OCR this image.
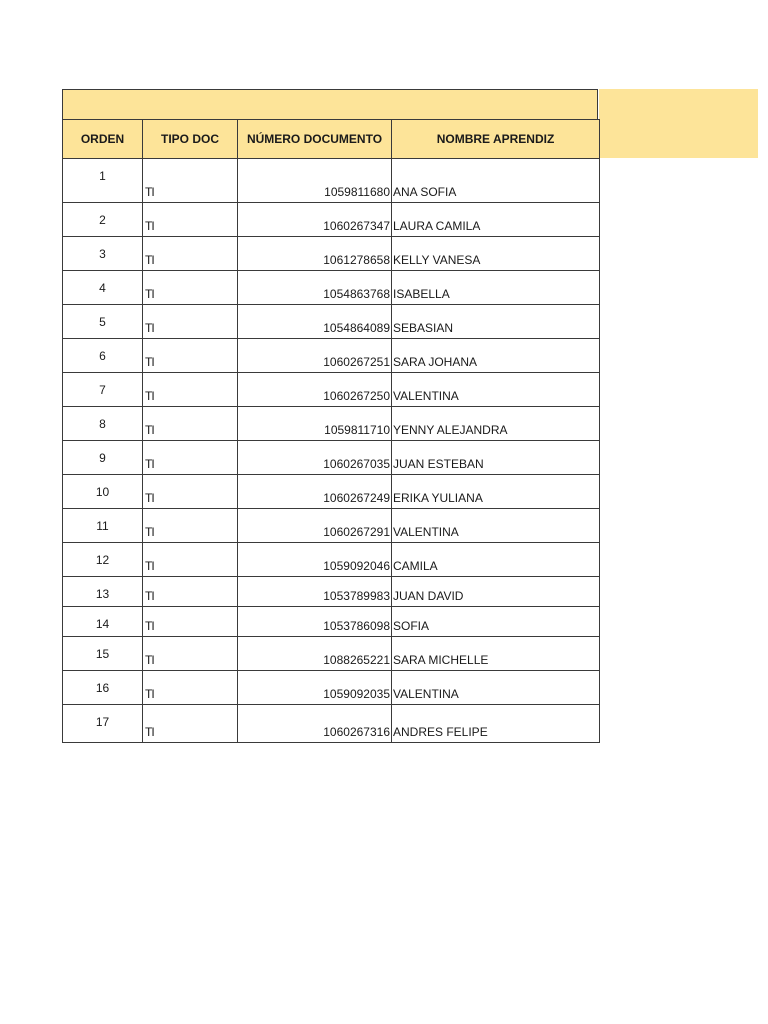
ORDEN	TIPO DOC	NÚMERO DOCUMENTO	NOMBRE APRENDIZ

1	TI	1059811680	ANA SOFIA

2	TI	1060267347	LAURA CAMILA

3	TI	1061278658	KELLY VANESA

4	TI	1054863768	ISABELLA

5	TI	1054864089	SEBASIAN

6	TI	1060267251	SARA JOHANA

7	TI	1060267250	VALENTINA

8	TI	1059811710	YENNY ALEJANDRA

9	TI	1060267035	JUAN ESTEBAN

10	TI	1060267249	ERIKA YULIANA

11	TI	1060267291	VALENTINA

12	TI	1059092046	CAMILA

13	TI	1053789983	JUAN DAVID

14	TI	1053786098	SOFIA

15	TI	1088265221	SARA MICHELLE

16	TI	1059092035	VALENTINA

17	TI	1060267316	ANDRES FELIPE
